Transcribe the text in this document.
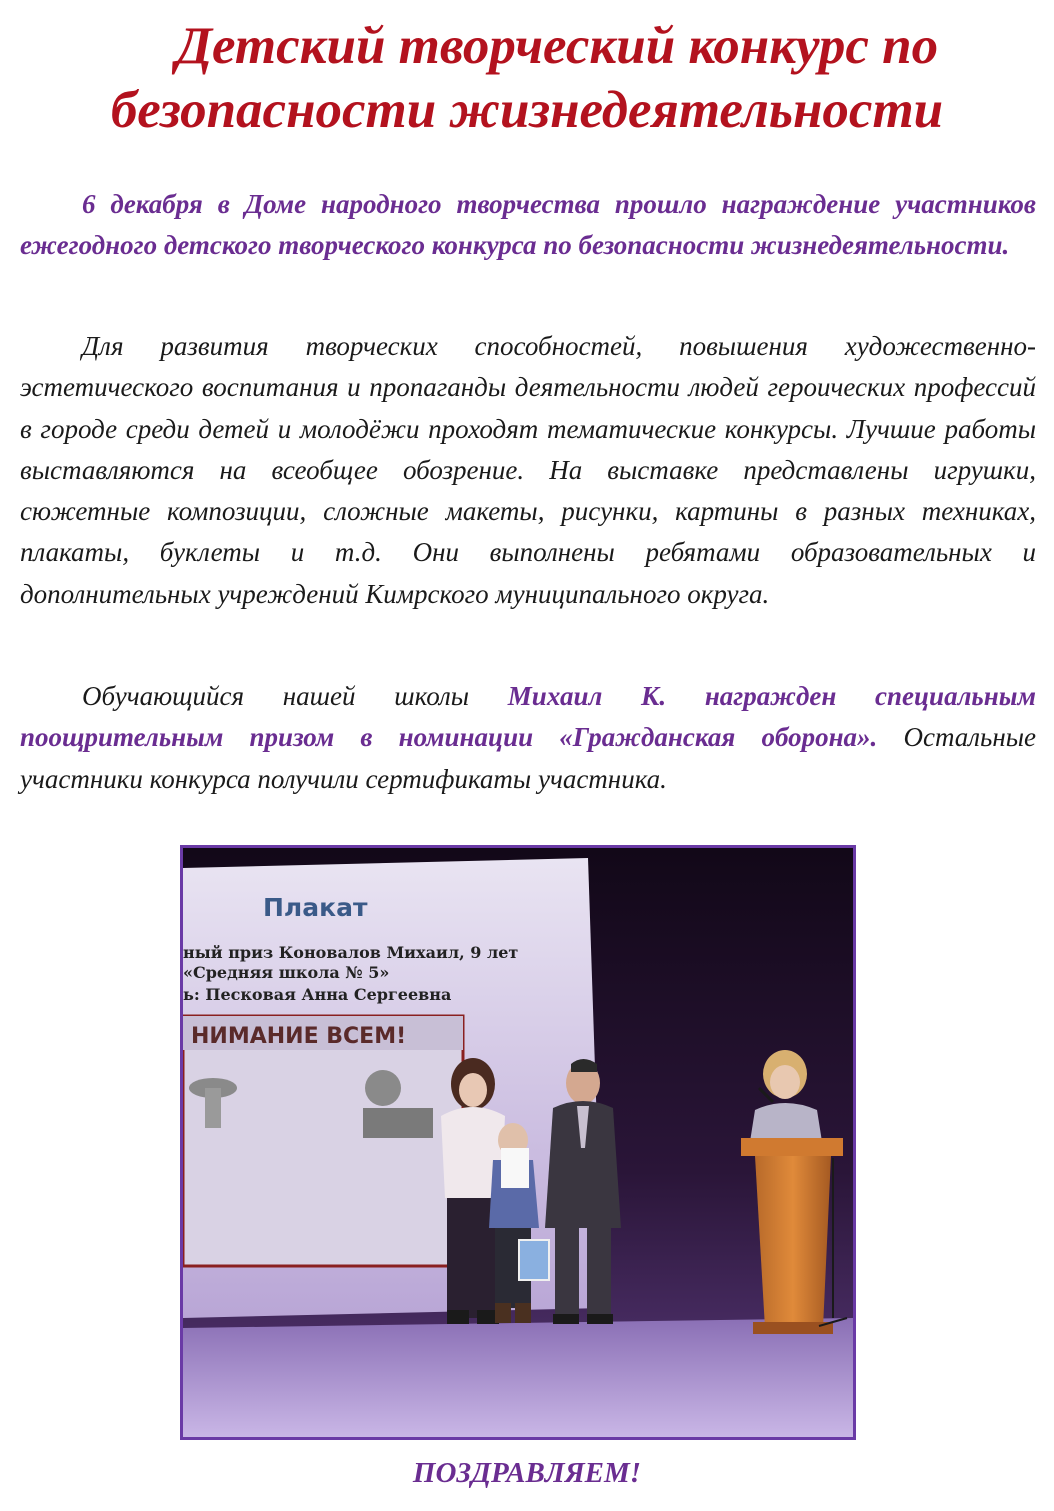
Детский творческий конкурс по
безопасности жизнедеятельности

6 декабря в Доме народного творчества прошло награждение участников ежегодного детского творческого конкурса по безопасности жизнедеятельности.

Для развития творческих способностей, повышения художественно-эстетического воспитания и пропаганды деятельности людей героических профессий в городе среди детей и молодёжи проходят тематические конкурсы. Лучшие работы выставляются на всеобщее обозрение. На выставке представлены игрушки, сюжетные композиции, сложные макеты, рисунки, картины в разных техниках, плакаты, буклеты и т.д. Они выполнены ребятами образовательных и дополнительных учреждений Кимрского муниципального округа.

Обучающийся нашей школы Михаил К. награжден специальным поощрительным призом в номинации «Гражданская оборона». Остальные участники конкурса получили сертификаты участника.

Плакат
ный приз Коновалов Михаил, 9 лет
«Средняя школа № 5»
ь: Песковая Анна Сергеевна
НИМАНИЕ ВСЕМ!

ПОЗДРАВЛЯЕМ!
